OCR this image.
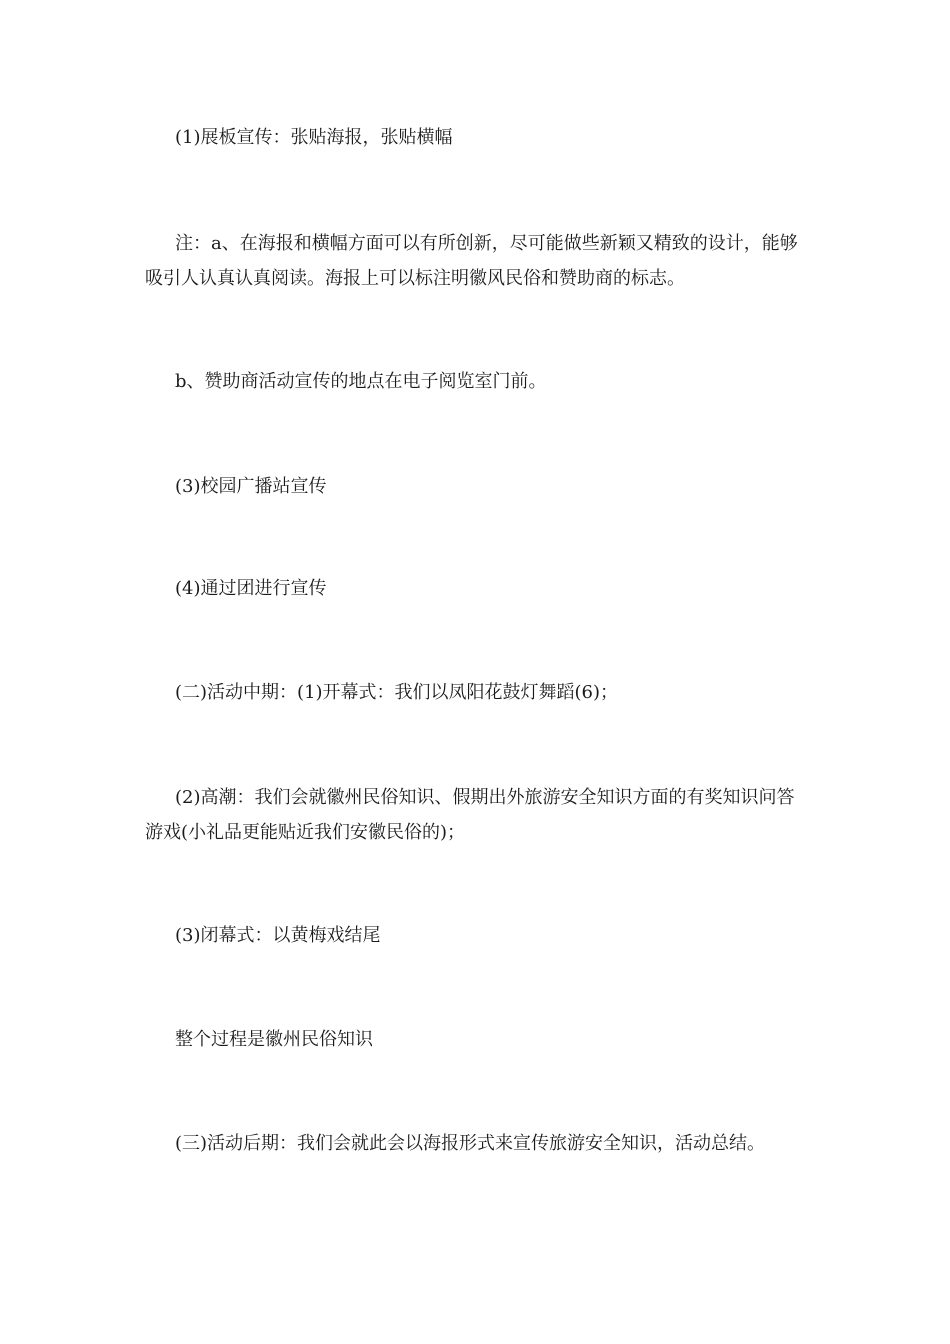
(1)展板宣传：张贴海报，张贴横幅

注：a、在海报和横幅方面可以有所创新，尽可能做些新颖又精致的设计，能够吸引人认真认真阅读。海报上可以标注明徽风民俗和赞助商的标志。

b、赞助商活动宣传的地点在电子阅览室门前。

(3)校园广播站宣传

(4)通过团进行宣传

(二)活动中期：(1)开幕式：我们以凤阳花鼓灯舞蹈(6)；

(2)高潮：我们会就徽州民俗知识、假期出外旅游安全知识方面的有奖知识问答游戏(小礼品更能贴近我们安徽民俗的)；

(3)闭幕式：以黄梅戏结尾

整个过程是徽州民俗知识

(三)活动后期：我们会就此会以海报形式来宣传旅游安全知识，活动总结。
